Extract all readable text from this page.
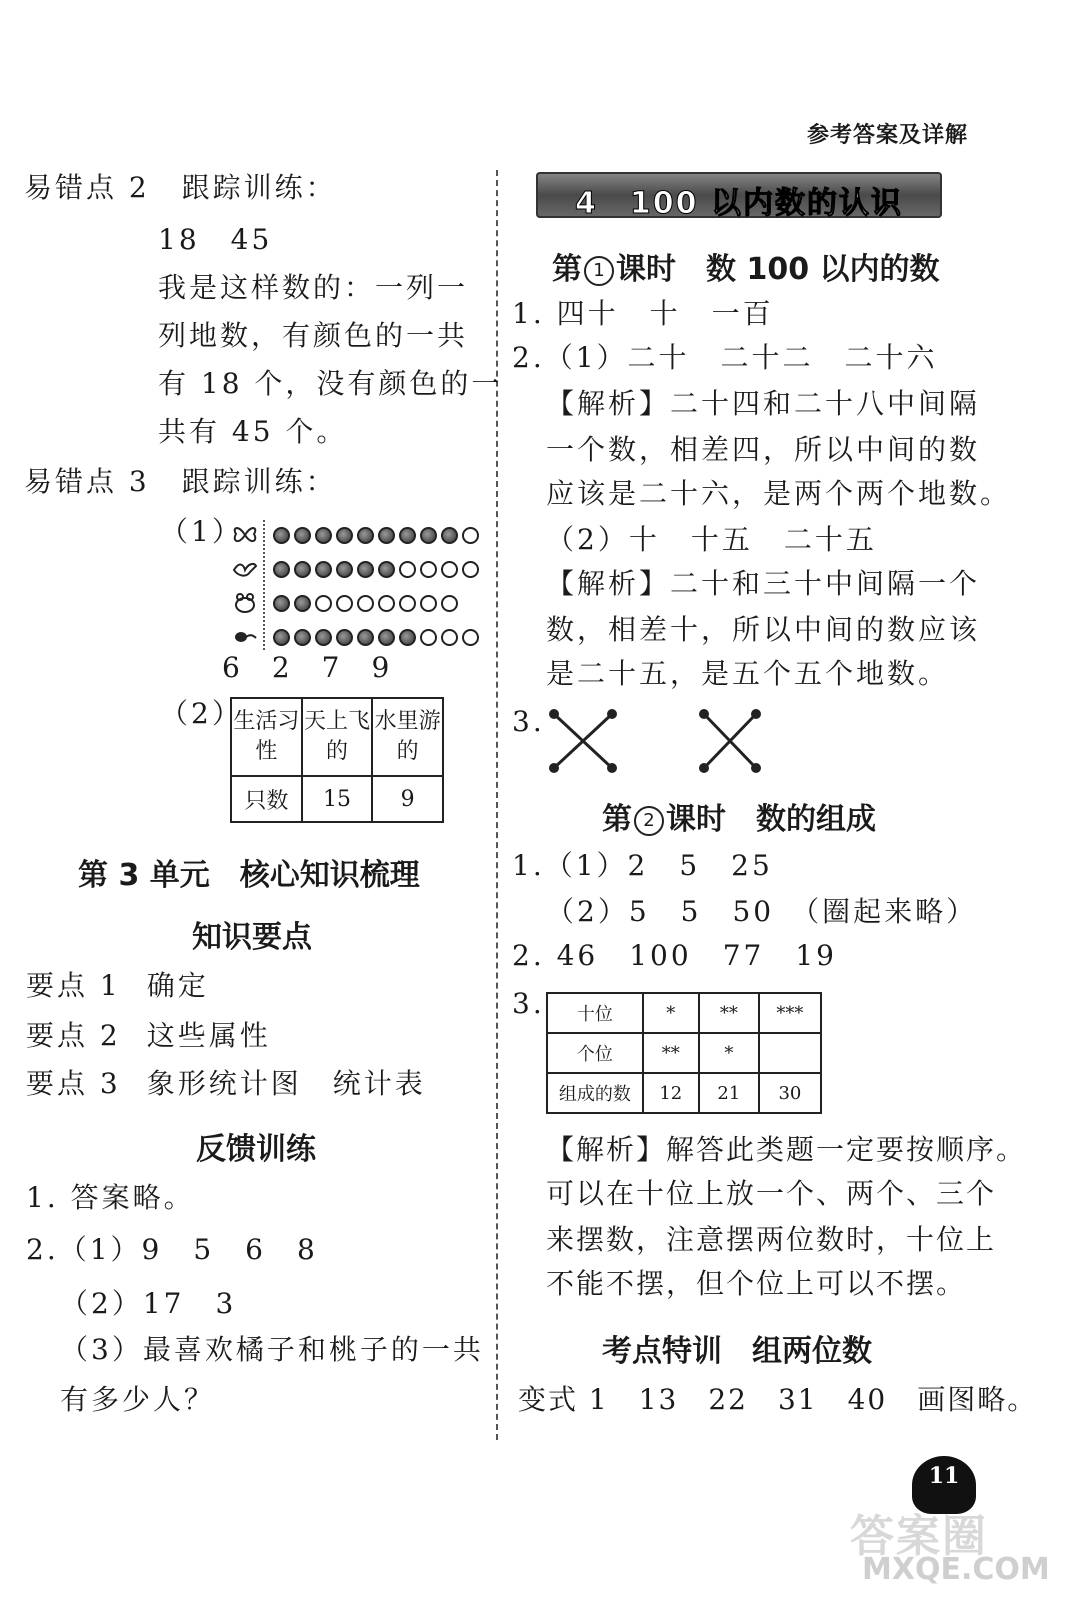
参考答案及详解
易错点 2 跟踪训练：
18　45
我是这样数的：一列一
列地数，有颜色的一共
有 18 个，没有颜色的一
共有 45 个。
易错点 3 跟踪训练：
（1）
6　2　7　9
（2）
生活习性	天上飞的	水里游的
只数	15	9
第 3 单元　核心知识梳理
知识要点
要点 1 确定
要点 2 这些属性
要点 3 象形统计图　统计表
反馈训练
1. 答案略。
2.（1）9　5　6　8
（2）17　3
（3）最喜欢橘子和桃子的一共
有多少人？
4　100 以内数的认识
第 1 课时　数 100 以内的数
1. 四十　十　一百
2.（1）二十　二十二　二十六
【解析】二十四和二十八中间隔
一个数，相差四，所以中间的数
应该是二十六，是两个两个地数。
（2）十　十五　二十五
【解析】二十和三十中间隔一个
数，相差十，所以中间的数应该
是二十五，是五个五个地数。
3.
第 2 课时　数的组成
1.（1）2　5　25
（2）5　5　50　（圈起来略）
2. 46　100　77　19
3. 十位	*	**	***
个位	**	*	
组成的数	12	21	30
【解析】解答此类题一定要按顺序。
可以在十位上放一个、两个、三个
来摆数，注意摆两位数时，十位上
不能不摆，但个位上可以不摆。
考点特训　组两位数
变式 1　13　22　31　40　画图略。
11
答案圈
MXQE.COM
